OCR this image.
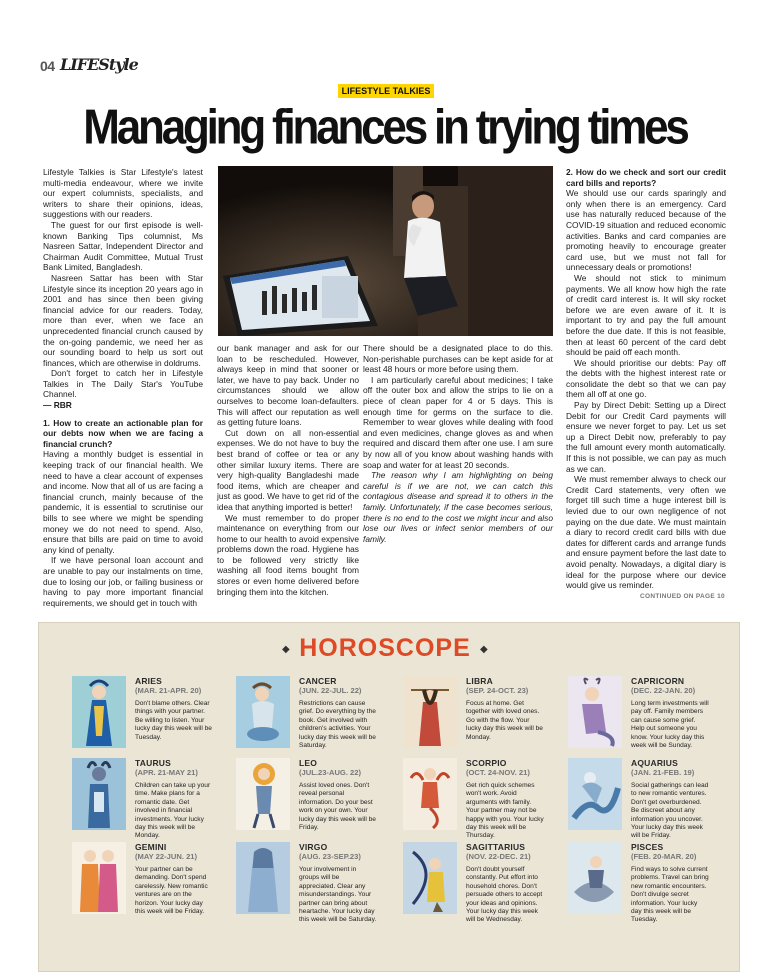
04 LIFEStyle
LIFESTYLE TALKIES
Managing finances in trying times

Lifestyle Talkies is Star Lifestyle's latest multi-media endeavour, where we invite our expert columnists, specialists, and writers to share their opinions, ideas, suggestions with our readers.

The guest for our first episode is well-known Banking Tips columnist, Ms Nasreen Sattar, Independent Director and Chairman Audit Committee, Mutual Trust Bank Limited, Bangladesh.

Nasreen Sattar has been with Star Lifestyle since its inception 20 years ago in 2001 and has since then been giving financial advice for our readers. Today, more than ever, when we face an unprecedented financial crunch caused by the on-going pandemic, we need her as our sounding board to help us sort out finances, which are otherwise in doldrums.

Don't forget to catch her in Lifestyle Talkies in The Daily Star's YouTube Channel.

— RBR

1. How to create an actionable plan for our debts now when we are facing a financial crunch?

Having a monthly budget is essential in keeping track of our financial health. We need to have a clear account of expenses and income. Now that all of us are facing a financial crunch, mainly because of the pandemic, it is essential to scrutinise our bills to see where we might be spending money we do not need to spend. Also, ensure that bills are paid on time to avoid any kind of penalty.

If we have personal loan account and are unable to pay our instalments on time, due to losing our job, or failing business or having to pay more important financial requirements, we should get in touch with

our bank manager and ask for our loan to be rescheduled. However, always keep in mind that sooner or later, we have to pay back. Under no circumstances should we allow ourselves to become loan-defaulters. This will affect our reputation as well as getting future loans.

Cut down on all non-essential expenses. We do not have to buy the best brand of coffee or tea or any other similar luxury items. There are very high-quality Bangladeshi made food items, which are cheaper and just as good. We have to get rid of the idea that anything imported is better!

We must remember to do proper maintenance on everything from our home to our health to avoid expensive problems down the road. Hygiene has to be followed very strictly like washing all food items bought from stores or even home delivered before bringing them into the kitchen.

There should be a designated place to do this. Non-perishable purchases can be kept aside for at least 48 hours or more before using them.

I am particularly careful about medicines; I take off the outer box and allow the strips to lie on a piece of clean paper for 4 or 5 days. This is enough time for germs on the surface to die. Remember to wear gloves while dealing with food and even medicines, change gloves as and when required and discard them after one use. I am sure by now all of you know about washing hands with soap and water for at least 20 seconds.

The reason why I am highlighting on being careful is if we are not, we can catch this contagious disease and spread it to others in the family. Unfortunately, if the case becomes serious, there is no end to the cost we might incur and also lose our lives or infect senior members of our family.

2. How do we check and sort our credit card bills and reports?

We should use our cards sparingly and only when there is an emergency. Card use has naturally reduced because of the COVID-19 situation and reduced economic activities. Banks and card companies are promoting heavily to encourage greater card use, but we must not fall for unnecessary deals or promotions!

We should not stick to minimum payments. We all know how high the rate of credit card interest is. It will sky rocket before we are even aware of it. It is important to try and pay the full amount before the due date. If this is not feasible, then at least 60 percent of the card debt should be paid off each month.

We should prioritise our debts: Pay off the debts with the highest interest rate or consolidate the debt so that we can pay them all off at one go.

Pay by Direct Debit: Setting up a Direct Debit for our Credit Card payments will ensure we never forget to pay. Let us set up a Direct Debit now, preferably to pay the full amount every month automatically. If this is not possible, we can pay as much as we can.

We must remember always to check our Credit Card statements, very often we forget till such time a huge interest bill is levied due to our own negligence of not paying on the due date. We must maintain a diary to record credit card bills with due dates for different cards and arrange funds and ensure payment before the last date to avoid penalty. Nowadays, a digital diary is ideal for the purpose where our device would give us reminder.

CONTINUED ON PAGE 10
HOROSCOPE
◆	◆
ARIES
(MAR. 21-APR. 20)
Don't blame others. Clear things with your partner. Be willing to listen. Your lucky day this week will be Tuesday.
CANCER
(JUN. 22-JUL. 22)
Restrictions can cause grief. Do everything by the book. Get involved with children's activities. Your lucky day this week will be Saturday.
LIBRA
(SEP. 24-OCT. 23)
Focus at home. Get together with loved ones. Go with the flow. Your lucky day this week will be Monday.
CAPRICORN
(DEC. 22-JAN. 20)
Long term investments will pay off. Family members can cause some grief. Help out someone you know. Your lucky day this week will be Sunday.
TAURUS
(APR. 21-MAY 21)
Children can take up your time. Make plans for a romantic date. Get involved in financial investments. Your lucky day this week will be Monday.
LEO
(JUL.23-AUG. 22)
Assist loved ones. Don't reveal personal information. Do your best work on your own. Your lucky day this week will be Friday.
SCORPIO
(OCT. 24-NOV. 21)
Get rich quick schemes won't work. Avoid arguments with family. Your partner may not be happy with you. Your lucky day this week will be Thursday.
AQUARIUS
(JAN. 21-FEB. 19)
Social gatherings can lead to new romantic ventures. Don't get overburdened. Be discreet about any information you uncover. Your lucky day this week will be Friday.
GEMINI
(MAY 22-JUN. 21)
Your partner can be demanding. Don't spend carelessly. New romantic ventures are on the horizon. Your lucky day this week will be Friday.
VIRGO
(AUG. 23-SEP.23)
Your involvement in groups will be appreciated. Clear any misunderstandings. Your partner can bring about heartache. Your lucky day this week will be Saturday.
SAGITTARIUS
(NOV. 22-DEC. 21)
Don't doubt yourself constantly. Put effort into household chores. Don't persuade others to accept your ideas and opinions. Your lucky day this week will be Wednesday.
PISCES
(FEB. 20-MAR. 20)
Find ways to solve current problems. Travel can bring new romantic encounters. Don't divulge secret information. Your lucky day this week will be Tuesday.
